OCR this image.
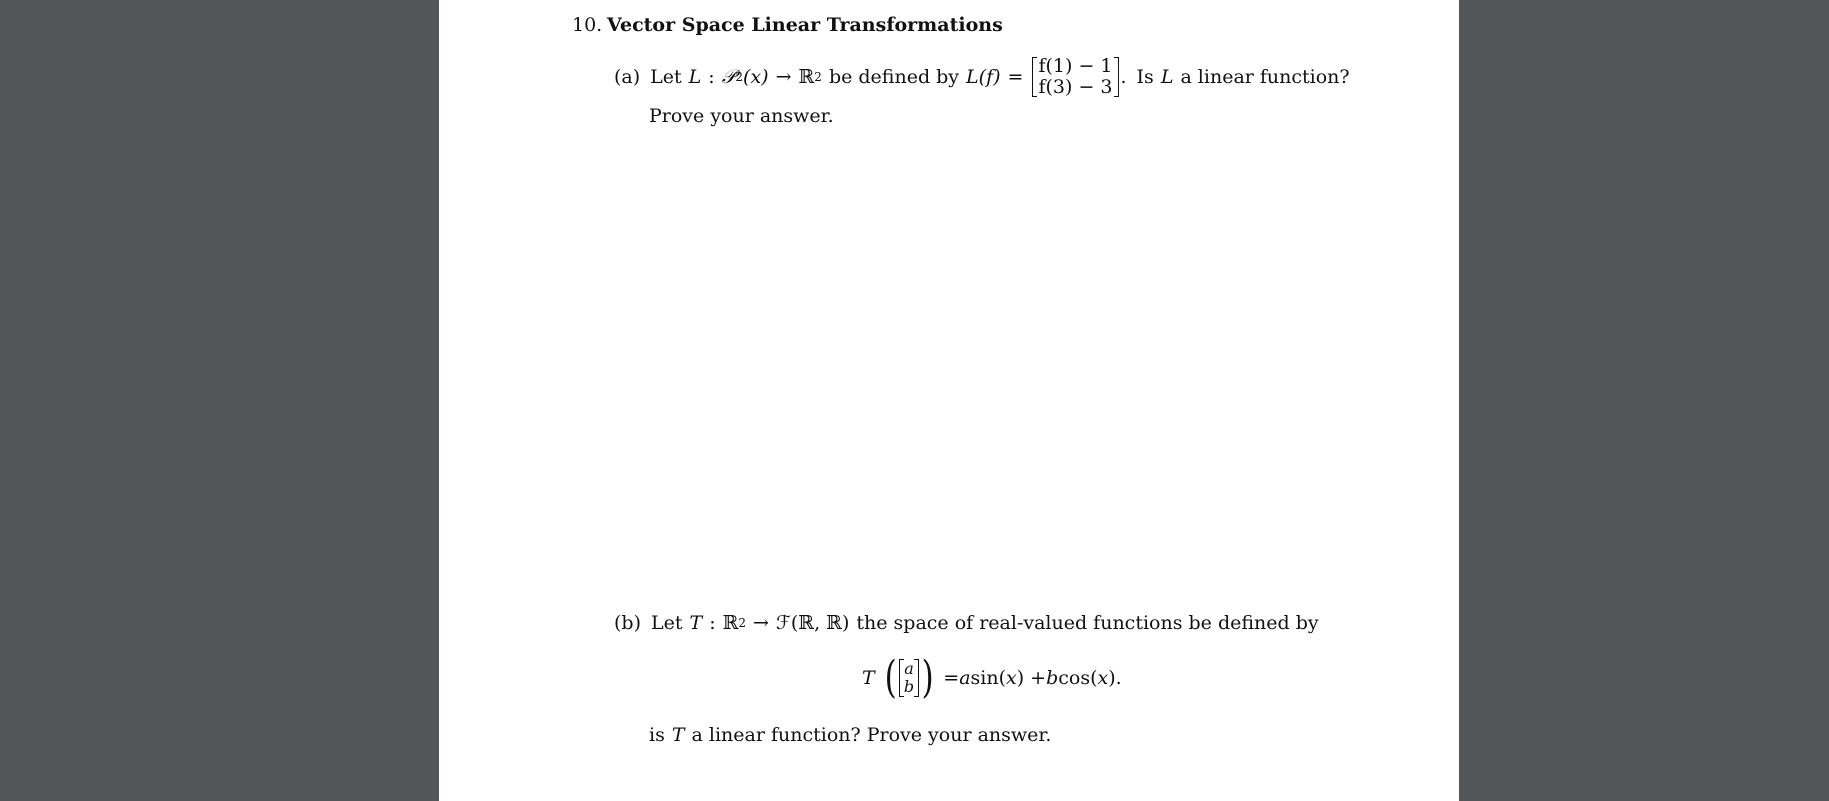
10. Vector Space Linear Transformations
(a) Let L : 𝒫 2 (x) → ℝ 2 be defined by L(f) = f(1) − 1
f(3) − 3 . Is L a linear function?
Prove your answer.
(b) Let T : ℝ 2 → ℱ(ℝ, ℝ) the space of real-valued functions be defined by
T ( a
b ) = a sin( x ) + b cos( x ).
is T a linear function? Prove your answer.
